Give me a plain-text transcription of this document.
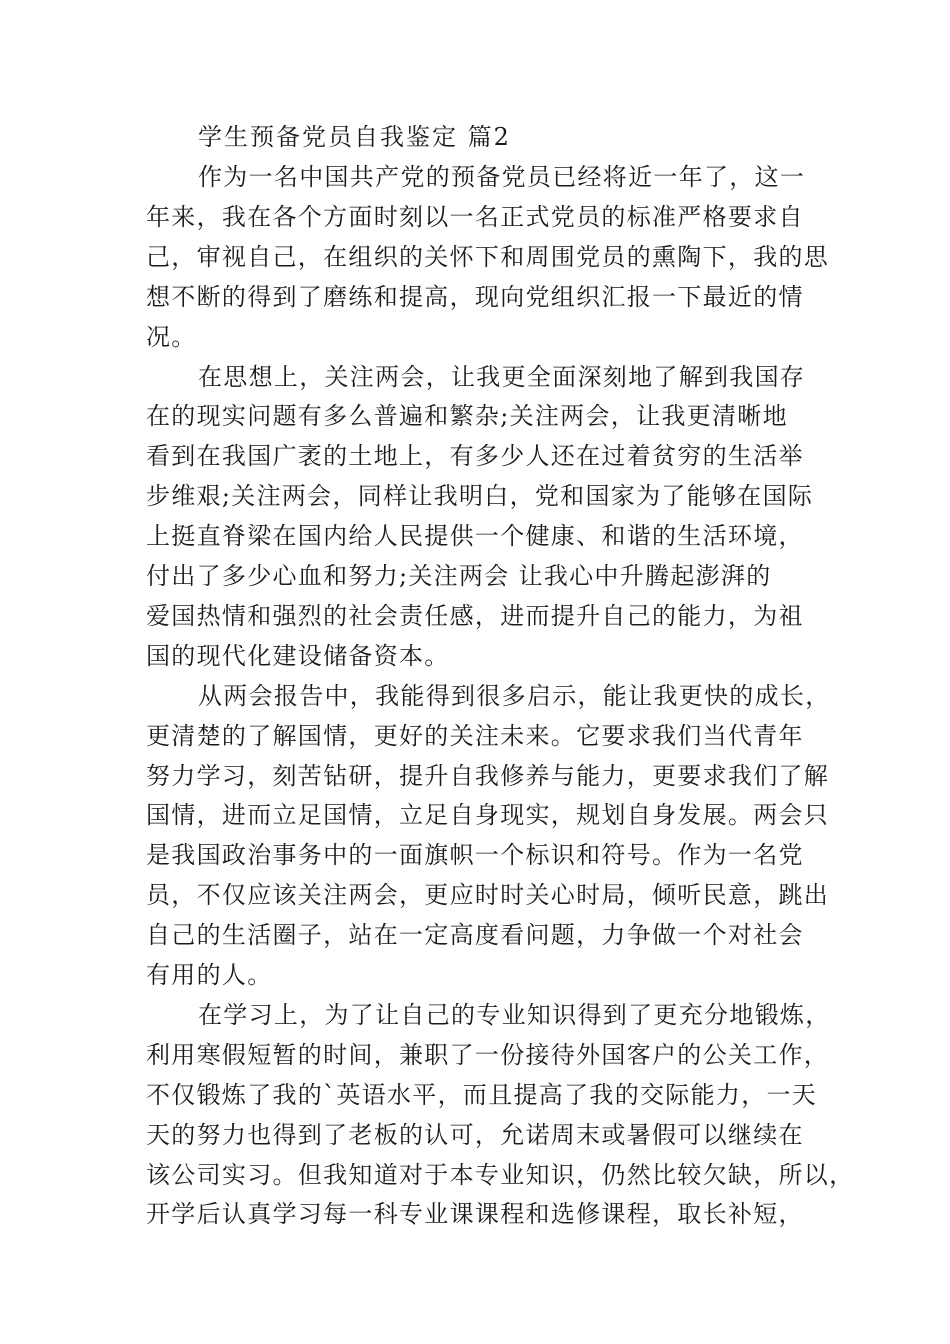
学生预备党员自我鉴定 篇2
作为一名中国共产党的预备党员已经将近一年了，这一
年来，我在各个方面时刻以一名正式党员的标准严格要求自
己，审视自己，在组织的关怀下和周围党员的熏陶下，我的思
想不断的得到了磨练和提高，现向党组织汇报一下最近的情
况。
在思想上，关注两会，让我更全面深刻地了解到我国存
在的现实问题有多么普遍和繁杂;关注两会，让我更清晰地
看到在我国广袤的土地上，有多少人还在过着贫穷的生活举
步维艰;关注两会，同样让我明白，党和国家为了能够在国际
上挺直脊梁在国内给人民提供一个健康、和谐的生活环境，
付出了多少心血和努力;关注两会 让我心中升腾起澎湃的
爱国热情和强烈的社会责任感，进而提升自己的能力，为祖
国的现代化建设储备资本。
从两会报告中，我能得到很多启示，能让我更快的成长，
更清楚的了解国情，更好的关注未来。它要求我们当代青年
努力学习，刻苦钻研，提升自我修养与能力，更要求我们了解
国情，进而立足国情，立足自身现实，规划自身发展。两会只
是我国政治事务中的一面旗帜一个标识和符号。作为一名党
员，不仅应该关注两会，更应时时关心时局，倾听民意，跳出
自己的生活圈子，站在一定高度看问题，力争做一个对社会
有用的人。
在学习上，为了让自己的专业知识得到了更充分地锻炼，
利用寒假短暂的时间，兼职了一份接待外国客户的公关工作，
不仅锻炼了我的`英语水平，而且提高了我的交际能力，一天
天的努力也得到了老板的认可，允诺周末或暑假可以继续在
该公司实习。但我知道对于本专业知识，仍然比较欠缺，所以，
开学后认真学习每一科专业课课程和选修课程，取长补短，
